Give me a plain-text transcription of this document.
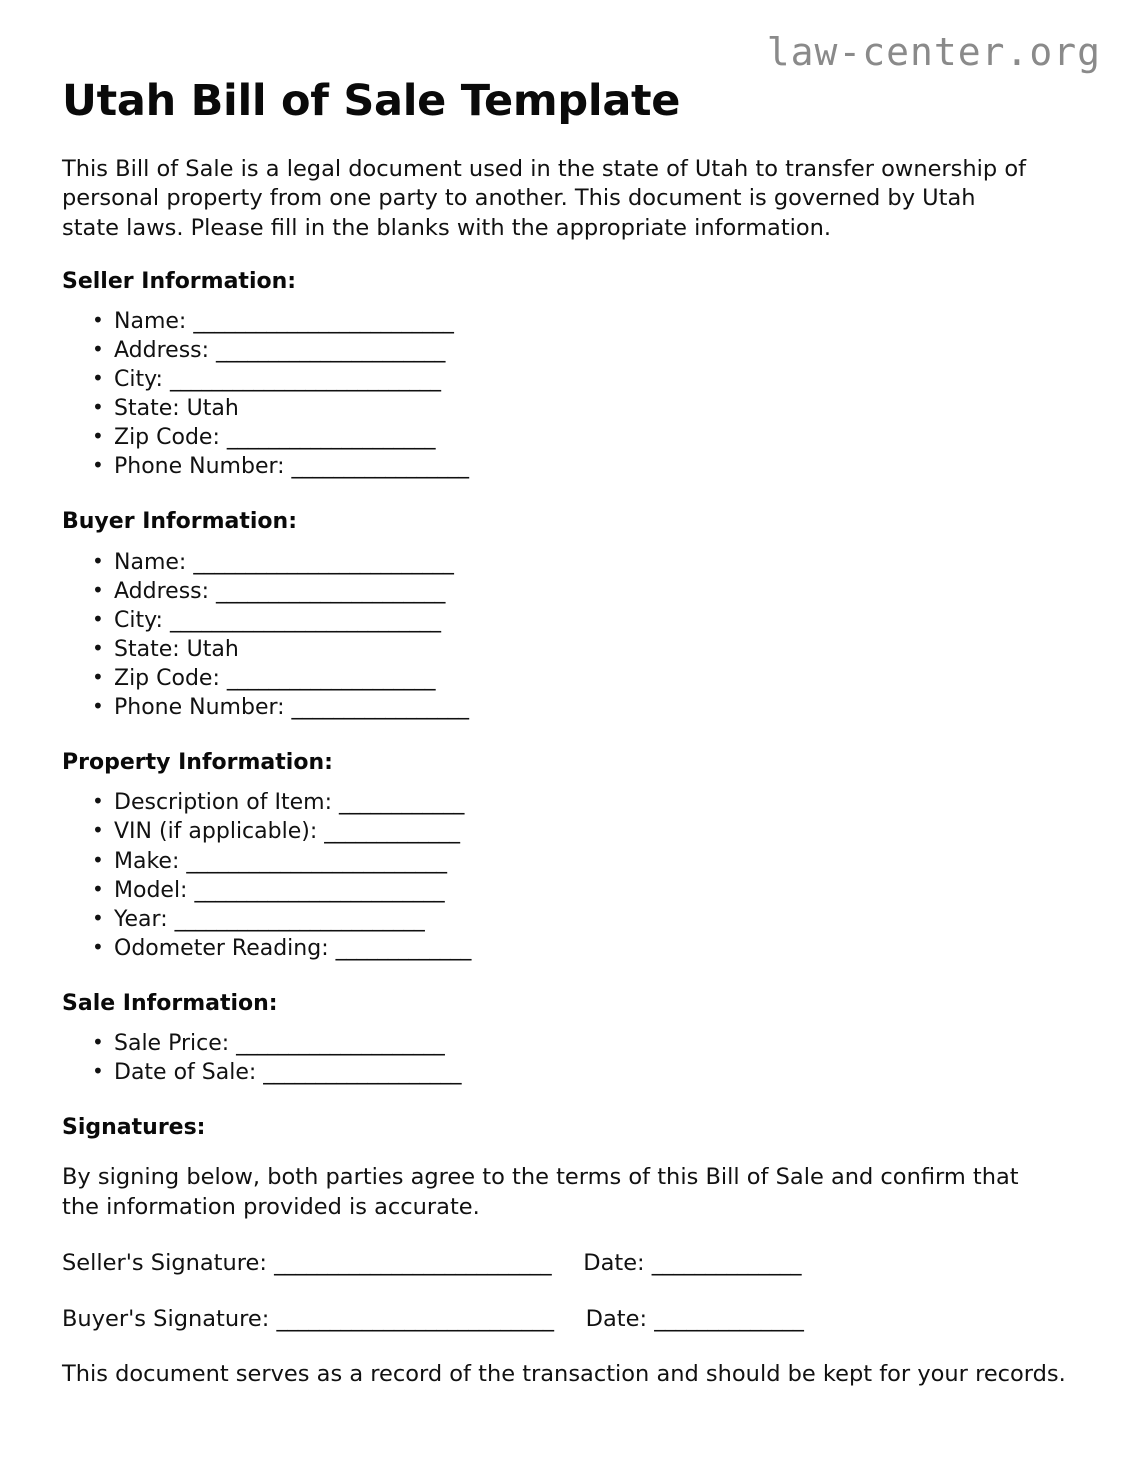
law-center.org
Utah Bill of Sale Template

This Bill of Sale is a legal document used in the state of Utah to transfer ownership of personal property from one party to another. This document is governed by Utah state laws. Please fill in the blanks with the appropriate information.

Seller Information:
• Name: _________________________
• Address: ______________________
• City: __________________________
• State: Utah
• Zip Code: ____________________
• Phone Number: _________________
Buyer Information:
• Name: _________________________
• Address: ______________________
• City: __________________________
• State: Utah
• Zip Code: ____________________
• Phone Number: _________________
Property Information:
• Description of Item: ____________
• VIN (if applicable): _____________
• Make: _________________________
• Model: ________________________
• Year: ________________________
• Odometer Reading: _____________
Sale Information:
• Sale Price: ____________________
• Date of Sale: ___________________
Signatures:

By signing below, both parties agree to the terms of this Bill of Sale and confirm that the information provided is accurate.

Seller's Signature: __________________________ Date: ______________

Buyer's Signature: __________________________ Date: ______________

This document serves as a record of the transaction and should be kept for your records.
